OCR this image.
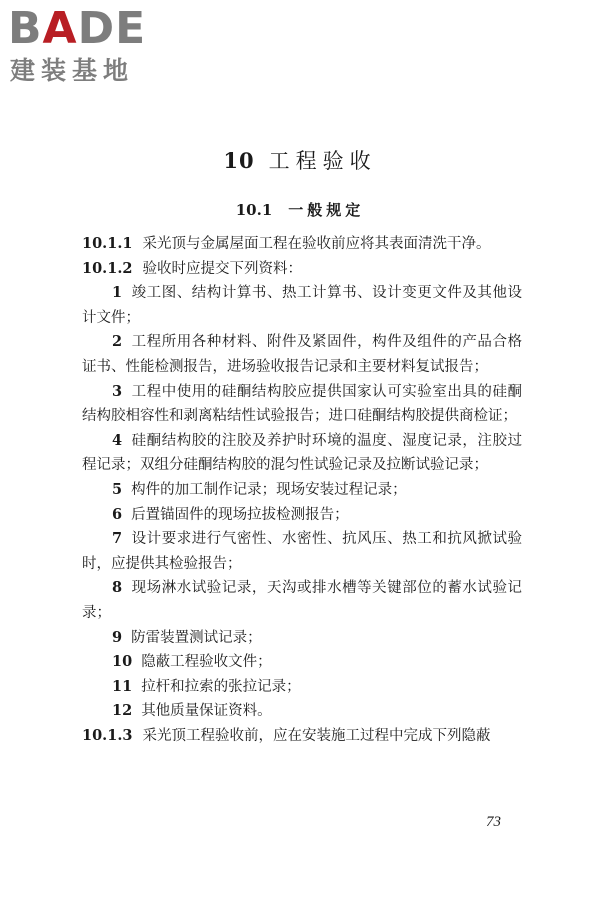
BADE
建装基地
10 工程验收
10.1 一般规定

10.1.1 采光顶与金属屋面工程在验收前应将其表面清洗干净。

10.1.2 验收时应提交下列资料：

1 竣工图、结构计算书、热工计算书、设计变更文件及其他设计文件；

2 工程所用各种材料、附件及紧固件，构件及组件的产品合格证书、性能检测报告，进场验收报告记录和主要材料复试报告；

3 工程中使用的硅酮结构胶应提供国家认可实验室出具的硅酮结构胶相容性和剥离粘结性试验报告；进口硅酮结构胶提供商检证；

4 硅酮结构胶的注胶及养护时环境的温度、湿度记录，注胶过程记录；双组分硅酮结构胶的混匀性试验记录及拉断试验记录；

5 构件的加工制作记录；现场安装过程记录；

6 后置锚固件的现场拉拔检测报告；

7 设计要求进行气密性、水密性、抗风压、热工和抗风掀试验时，应提供其检验报告；

8 现场淋水试验记录，天沟或排水槽等关键部位的蓄水试验记录；

9 防雷装置测试记录；

10 隐蔽工程验收文件；

11 拉杆和拉索的张拉记录；

12 其他质量保证资料。

10.1.3 采光顶工程验收前，应在安装施工过程中完成下列隐蔽

73
